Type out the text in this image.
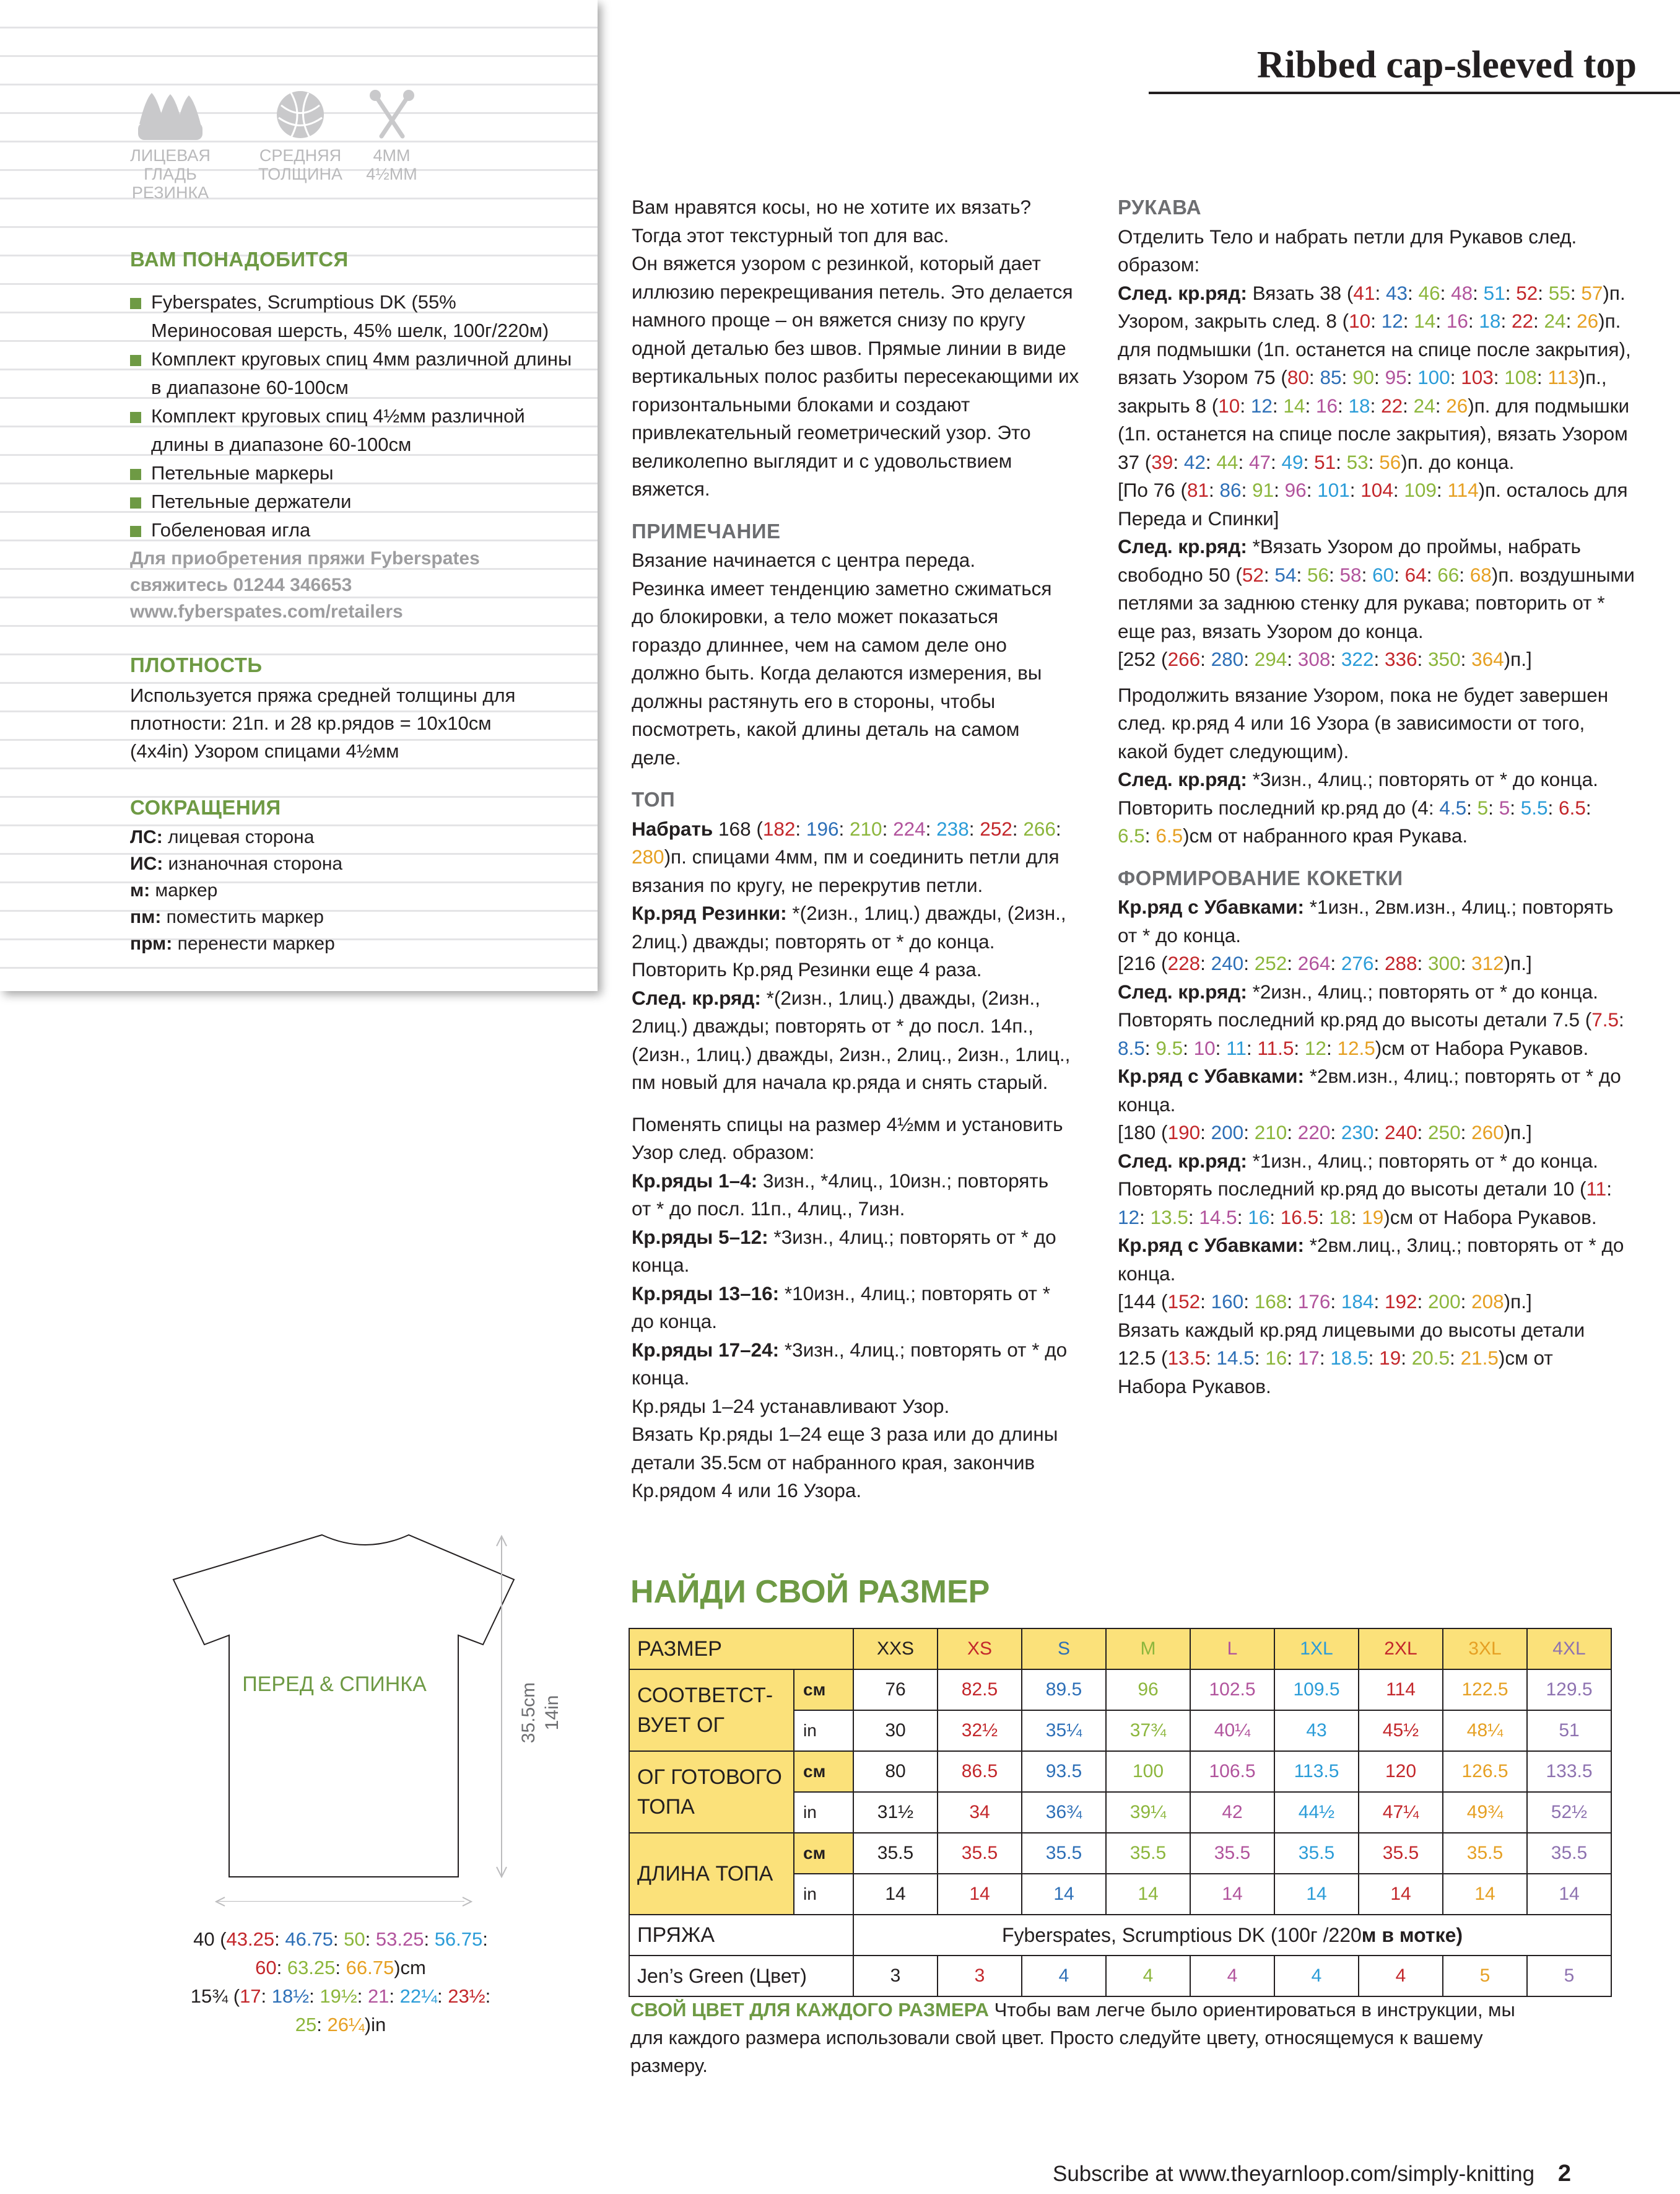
ЛИЦЕВАЯ ГЛАДЬ
РЕЗИНКА
СРЕДНЯЯ
ТОЛЩИНА
4ММ
4½ММ
ВАМ ПОНАДОБИТСЯ
Fyberspates, Scrumptious DK (55%
Мериносовая шерсть, 45% шелк, 100г/220м)
Комплект круговых спиц 4мм различной длины
в диапазоне 60-100см
Комплект круговых спиц 4½мм различной
длины в диапазоне 60-100см
Петельные маркеры
Петельные держатели
Гобеленовая игла
Для приобретения пряжи Fyberspates
свяжитесь 01244 346653
www.fyberspates.com/retailers
ПЛОТНОСТЬ
Используется пряжа средней толщины для
плотности: 21п. и 28 кр.рядов = 10x10см
(4x4in) Узором спицами 4½мм
СОКРАЩЕНИЯ

ЛС: лицевая сторона

ИС: изнаночная сторона

м: маркер

пм: поместить маркер

прм: перенести маркер

Ribbed cap-sleeved top

Вам нравятся косы, но не хотите их вязать?

Тогда этот текстурный топ для вас.

Он вяжется узором с резинкой, который дает

иллюзию перекрещивания петель. Это делается

намного проще – он вяжется снизу по кругу

одной деталью без швов. Прямые линии в виде

вертикальных полос разбиты пересекающими их

горизонтальными блоками и создают

привлекательный геометрический узор. Это

великолепно выглядит и с удовольствием

вяжется.

ПРИМЕЧАНИЕ

Вязание начинается с центра переда.

Резинка имеет тенденцию заметно сжиматься

до блокировки, а тело может показаться

гораздо длиннее, чем на самом деле оно

должно быть. Когда делаются измерения, вы

должны растянуть его в стороны, чтобы

посмотреть, какой длины деталь на самом

деле.

ТОП

Набрать 168 (182: 196: 210: 224: 238: 252: 266:

280)п. спицами 4мм, пм и соединить петли для

вязания по кругу, не перекрутив петли.

Кр.ряд Резинки: *(2изн., 1лиц.) дважды, (2изн.,

2лиц.) дважды; повторять от * до конца.

Повторить Кр.ряд Резинки еще 4 раза.

След. кр.ряд: *(2изн., 1лиц.) дважды, (2изн.,

2лиц.) дважды; повторять от * до посл. 14п.,

(2изн., 1лиц.) дважды, 2изн., 2лиц., 2изн., 1лиц.,

пм новый для начала кр.ряда и снять старый.

Поменять спицы на размер 4½мм и установить

Узор след. образом:

Кр.ряды 1–4: 3изн., *4лиц., 10изн.; повторять

от * до посл. 11п., 4лиц., 7изн.

Кр.ряды 5–12: *3изн., 4лиц.; повторять от * до

конца.

Кр.ряды 13–16: *10изн., 4лиц.; повторять от *

до конца.

Кр.ряды 17–24: *3изн., 4лиц.; повторять от * до

конца.

Кр.ряды 1–24 устанавливают Узор.

Вязать Кр.ряды 1–24 еще 3 раза или до длины

детали 35.5см от набранного края, закончив

Кр.рядом 4 или 16 Узора.

РУКАВА

Отделить Тело и набрать петли для Рукавов след.

образом:

След. кр.ряд: Вязать 38 (41: 43: 46: 48: 51: 52: 55: 57)п.

Узором, закрыть след. 8 (10: 12: 14: 16: 18: 22: 24: 26)п.

для подмышки (1п. останется на спице после закрытия),

вязать Узором 75 (80: 85: 90: 95: 100: 103: 108: 113)п.,

закрыть 8 (10: 12: 14: 16: 18: 22: 24: 26)п. для подмышки

(1п. останется на спице после закрытия), вязать Узором

37 (39: 42: 44: 47: 49: 51: 53: 56)п. до конца.

[По 76 (81: 86: 91: 96: 101: 104: 109: 114)п. осталось для

Переда и Спинки]

След. кр.ряд: *Вязать Узором до проймы, набрать

свободно 50 (52: 54: 56: 58: 60: 64: 66: 68)п. воздушными

петлями за заднюю стенку для рукава; повторить от *

еще раз, вязать Узором до конца.

[252 (266: 280: 294: 308: 322: 336: 350: 364)п.]

Продолжить вязание Узором, пока не будет завершен

след. кр.ряд 4 или 16 Узора (в зависимости от того,

какой будет следующим).

След. кр.ряд: *3изн., 4лиц.; повторять от * до конца.

Повторить последний кр.ряд до (4: 4.5: 5: 5: 5.5: 6.5:

6.5: 6.5)см от набранного края Рукава.

ФОРМИРОВАНИЕ КОКЕТКИ

Кр.ряд с Убавками: *1изн., 2вм.изн., 4лиц.; повторять

от * до конца.

[216 (228: 240: 252: 264: 276: 288: 300: 312)п.]

След. кр.ряд: *2изн., 4лиц.; повторять от * до конца.

Повторять последний кр.ряд до высоты детали 7.5 (7.5:

8.5: 9.5: 10: 11: 11.5: 12: 12.5)см от Набора Рукавов.

Кр.ряд с Убавками: *2вм.изн., 4лиц.; повторять от * до

конца.

[180 (190: 200: 210: 220: 230: 240: 250: 260)п.]

След. кр.ряд: *1изн., 4лиц.; повторять от * до конца.

Повторять последний кр.ряд до высоты детали 10 (11:

12: 13.5: 14.5: 16: 16.5: 18: 19)см от Набора Рукавов.

Кр.ряд с Убавками: *2вм.лиц., 3лиц.; повторять от * до

конца.

[144 (152: 160: 168: 176: 184: 192: 200: 208)п.]

Вязать каждый кр.ряд лицевыми до высоты детали

12.5 (13.5: 14.5: 16: 17: 18.5: 19: 20.5: 21.5)см от

Набора Рукавов.

ПЕРЕД & СПИНКА	35.5cm 14in
40 (43.25: 46.75: 50: 53.25: 56.75:
60: 63.25: 66.75)cm
15¾ (17: 18½: 19½: 21: 22¼: 23½:
25: 26¼)in
НАЙДИ СВОЙ РАЗМЕР
РАЗМЕР		XXS	XS	S	M	L	1XL	2XL	3XL	4XL
СООТВЕТСТ-
ВУЕТ ОГ	см	76	82.5	89.5	96	102.5	109.5	114	122.5	129.5
	in	30	32½	35¼	37¾	40¼	43	45½	48¼	51
ОГ ГОТОВОГО
ТОПА	см	80	86.5	93.5	100	106.5	113.5	120	126.5	133.5
	in	31½	34	36¾	39¼	42	44½	47¼	49¾	52½
ДЛИНА ТОПА	см	35.5	35.5	35.5	35.5	35.5	35.5	35.5	35.5	35.5
	in	14	14	14	14	14	14	14	14	14
ПРЯЖА		Fyberspates, Scrumptious DK (100г /220м в мотке)								
Jen’s Green (Цвет)		3	3	4	4	4	4	4	5	5
СВОЙ ЦВЕТ ДЛЯ КАЖДОГО РАЗМЕРА Чтобы вам легче было ориентироваться в инструкции, мы
для каждого размера использовали свой цвет. Просто следуйте цвету, относящемуся к вашему
размеру.
Subscribe at www.theyarnloop.com/simply-knitting 2
